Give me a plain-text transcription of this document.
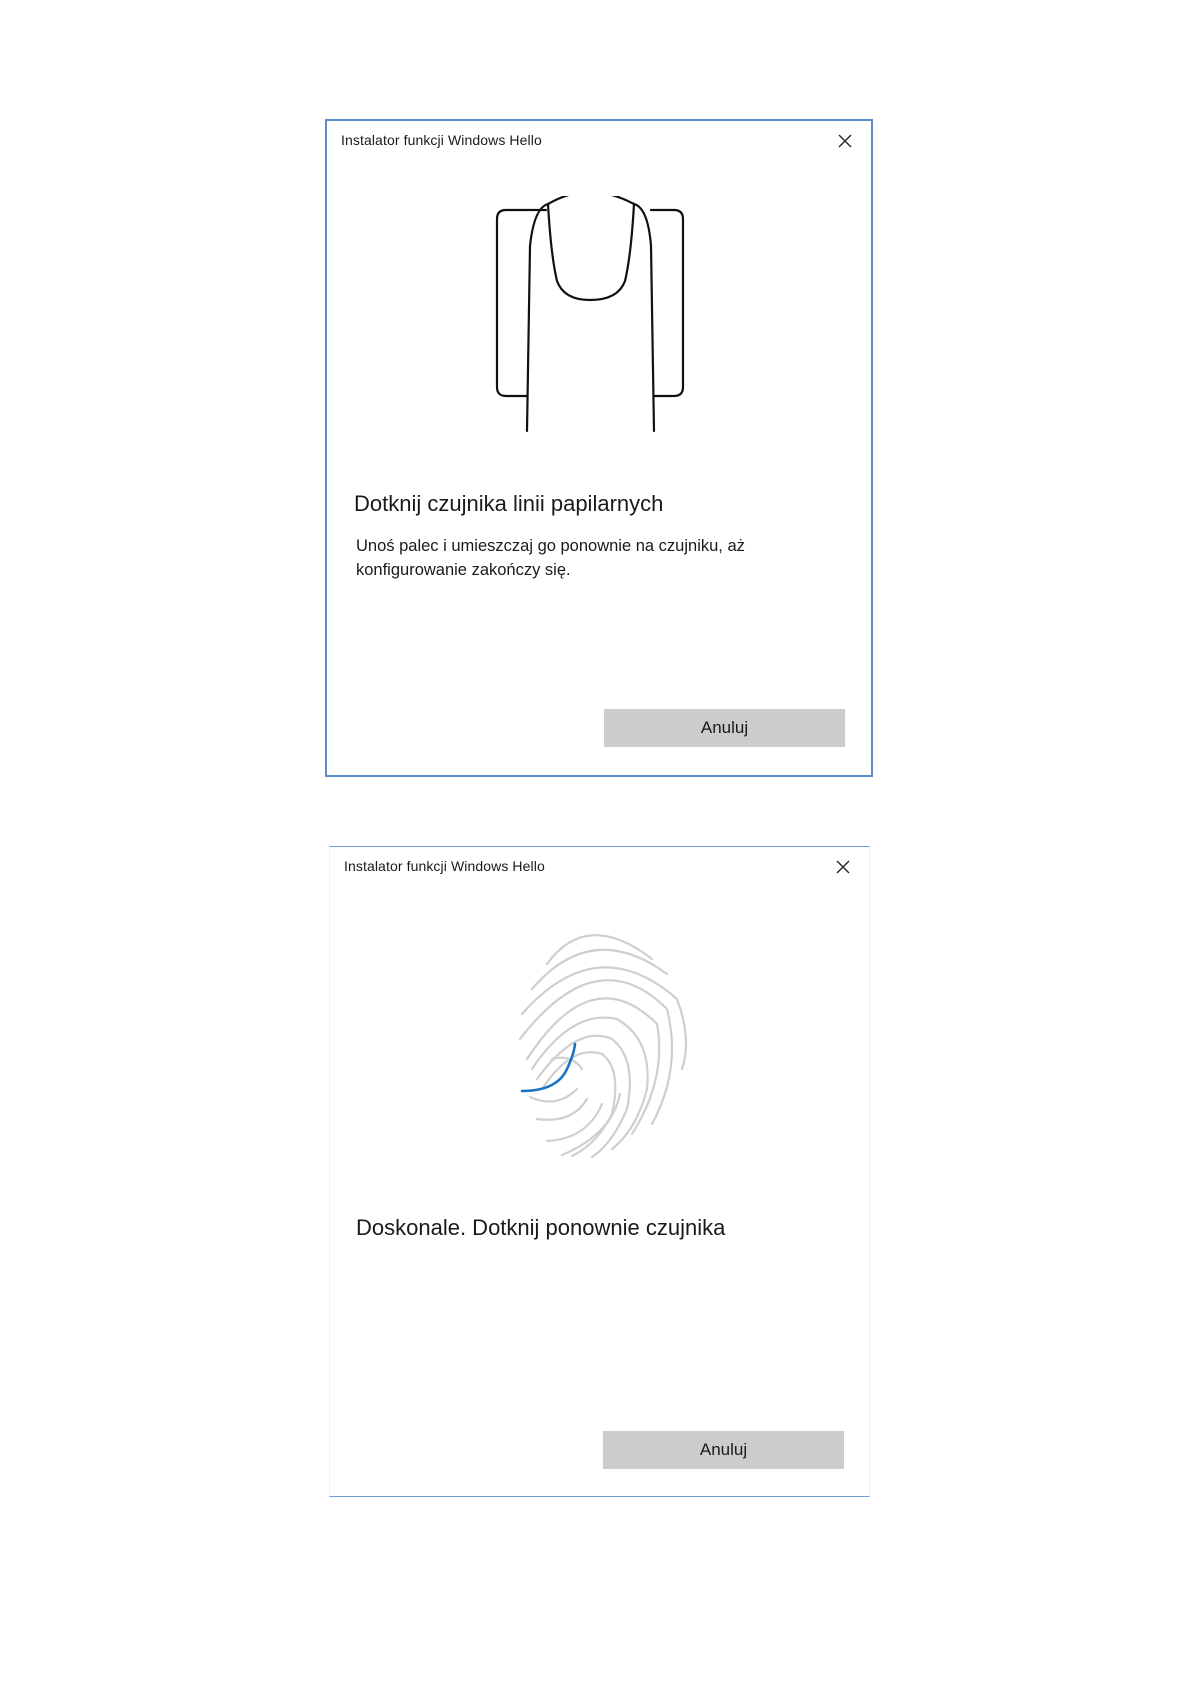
Instalator funkcji Windows Hello
Dotknij czujnika linii papilarnych
Unoś palec i umieszczaj go ponownie na czujniku, aż konfigurowanie zakończy się.
Anuluj
Instalator funkcji Windows Hello
Doskonale. Dotknij ponownie czujnika
Anuluj
